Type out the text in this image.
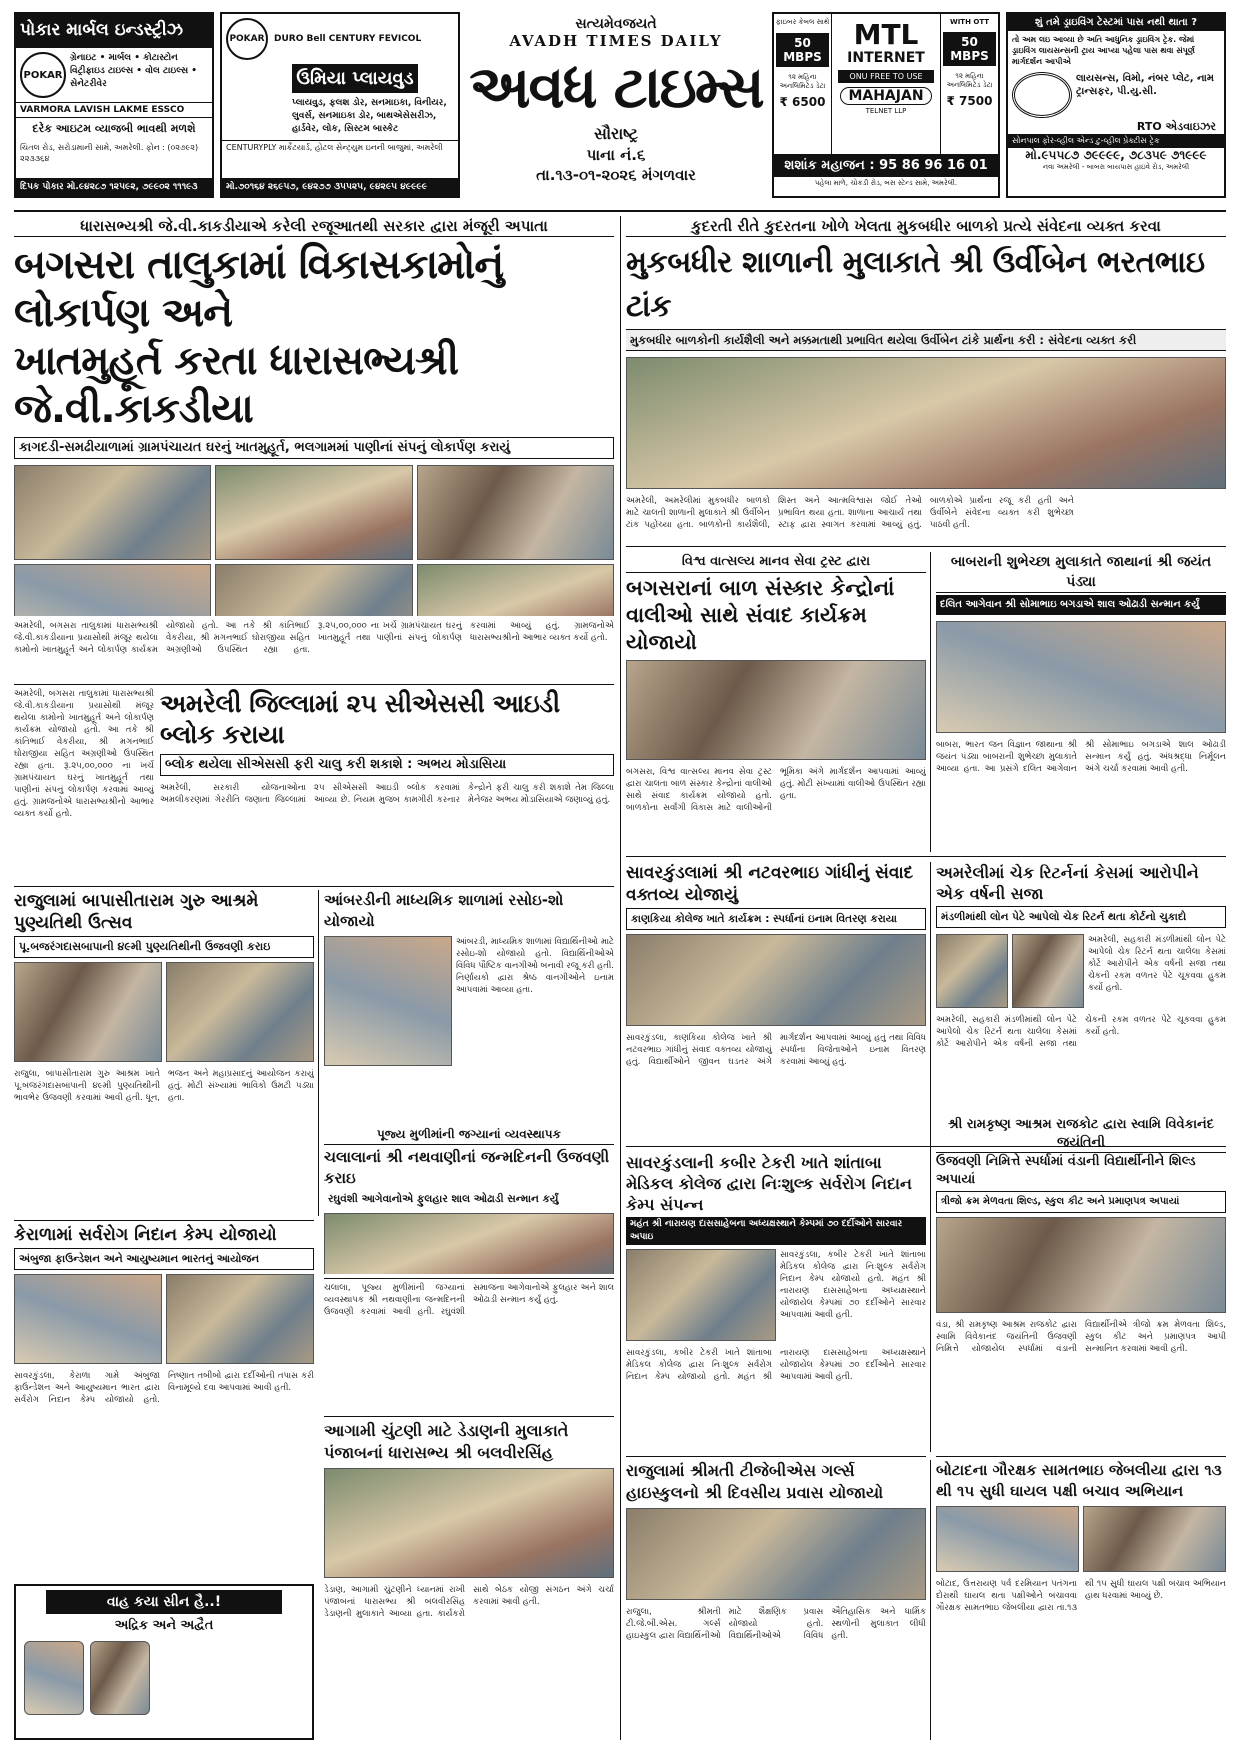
પોકાર માર્બલ ઇન્ડસ્ટ્રીઝ
POKAR
ગ્રેનાઇટ • માર્બલ • કોટાસ્ટોન
વિટ્રીફાઇડ ટાઇલ્સ • વોલ ટાઇલ્સ • સેનેટરીવેર
VARMORA LAVISH LAKME ESSCO
દરેક આઇટમ વ્યાજબી ભાવથી મળશે
ચિતલ રોડ, સરોડામાની સામે, અમરેલી. ફોન : (૦૨૭૯૨) ૨૨૩૩૬૪
દિપક પોકાર મો.૯૪૨૮૭ ૧૨૫૯૨, ૭૯૯૦૨ ૧૧૧૯૩
POKAR	DURO Bell CENTURY FEVICOL
ઉમિયા પ્લાયવુડ
પ્લાયવુડ, ફલશ ડોર, સનમાઇકા, વિનીયર, લુવર્સ, સનમાઇકા ડોર, બાથએસેસરીઝ, હાર્ડવેર, લોક, સિસ્ટમ બાસ્કેટ
CENTURYPLY માર્કેટયાર્ડ, હોટલ સેન્ટ્યુમ ઇનની બાજુમાં, અમરેલી
મો.૭૦૧૬૪ ૨૬૯૫૭, ૯૪૨૭૭ ૩૫૫૨૫, ૯૪૨૯૫ ૪૯૯૯૯
સત્યમેવજયતે
AVADH TIMES DAILY
અવધ ટાઇમ્સ
સૌરાષ્ટ્ર
પાના નં.૬
તા.૧૩-૦૧-૨૦૨૬ મંગળવાર
ફાઇબર કેબલ સાથે
50 MBPS
૧૨ મહિના અનલિમિટેડ ડેટા
₹ 6500
MTL
INTERNET
ONU FREE TO USE
MAHAJAN
TELNET LLP
WITH OTT
50 MBPS
૧૨ મહિના અનલિમિટેડ ડેટા
₹ 7500
શશાંક મહાજન : 95 86 96 16 01
પહેલા માળે, ચોકડી રોડ, બસ સ્ટેન્ડ સામે, અમરેલી.
શું તમે ડ્રાઇવિંગ ટેસ્ટમાં પાસ નથી થાતા ?
તો અમ લઇ આવ્યા છે અતિ આધુનિક ડ્રાઇવિંગ ટ્રેક. જેમાં ડ્રાઇવિંગ લાયસન્સની ટ્રાય આપ્યા પહેલા પાસ થવા સંપૂર્ણ માર્ગદર્શન આપીએ
લાયસન્સ, વિમો, નંબર પ્લેટ, નામ ટ્રાન્સફર, પી.યુ.સી.
RTO એડવાઇઝર
સોનપાલ ફોર-વ્હીલ એન્ડ ટુ-વ્હીલ પ્રેક્ટીસ ટ્રેક
મો.૯૫૫૮૭ ૭૯૯૯૯, ૭૮૩૫૯ ૭૧૯૯૯
નવા અમરેલી - બાબરા બાયપાસ હાઇવે રોડ, અમરેલી
ધારાસભ્યશ્રી જે.વી.કાકડીયાએ કરેલી રજૂઆતથી સરકાર દ્વારા મંજૂરી અપાતા
બગસરા તાલુકામાં વિકાસકામોનું લોકાર્પણ અને
ખાતમુહૂર્ત કરતા ધારાસભ્યશ્રી જે.વી.કાકડીયા
કાગદડી-સમઢીયાળામાં ગ્રામપંચાયત ઘરનું ખાતમુહૂર્ત, ભલગામમાં પાણીનાં સંપનું લોકાર્પણ કરાયું
અમરેલી, બગસરા તાલુકામાં ધારાસભ્યશ્રી જે.વી.કાકડીયાના પ્રયાસોથી મંજૂર થયેલા કામોનો ખાતમુહૂર્ત અને લોકાર્પણ કાર્યક્રમ યોજાયો હતો. આ તકે શ્રી કાંતિભાઈ વેકરીયા, શ્રી મગનભાઈ ઘોરાજીયા સહિત અગ્રણીઓ ઉપસ્થિત રહ્યા હતા. રૂ.૨૫,૦૦,૦૦૦ ના ખર્ચે ગ્રામપંચાયત ઘરનું ખાતમુહૂર્ત તથા પાણીનાં સંપનું લોકાર્પણ કરવામાં આવ્યું હતું. ગ્રામજનોએ ધારાસભ્યશ્રીનો આભાર વ્યક્ત કર્યો હતો.
કુદરતી રીતે કુદરતના ખોળે ખેલતા મુકબધીર બાળકો પ્રત્યે સંવેદના વ્યક્ત કરવા
મુકબધીર શાળાની મુલાકાતે શ્રી ઉર્વીબેન ભરતભાઇ ટાંક
મુકબધીર બાળકોની કાર્યશૈલી અને મક્કમતાથી પ્રભાવિત થયેલા ઉર્વીબેન ટાંકે પ્રાર્થના કરી : સંવેદના વ્યક્ત કરી
અમરેલી, અમરેલીમાં મુકબધીર બાળકો માટે ચાલતી શાળાની મુલાકાતે શ્રી ઉર્વીબેન ટાંક પહોંચ્યા હતા. બાળકોની કાર્યશૈલી, શિસ્ત અને આત્મવિશ્વાસ જોઈ તેઓ પ્રભાવિત થયા હતા. શાળાના આચાર્ય તથા સ્ટાફ દ્વારા સ્વાગત કરવામાં આવ્યું હતું. બાળકોએ પ્રાર્થના રજૂ કરી હતી અને ઉર્વીબેને સંવેદના વ્યક્ત કરી શુભેચ્છા પાઠવી હતી.
વિશ્વ વાત્સલ્ય માનવ સેવા ટ્રસ્ટ દ્વારા
બગસરાનાં બાળ સંસ્કાર કેન્દ્રોનાં વાલીઓ સાથે સંવાદ કાર્યક્રમ યોજાયો
બગસરા, વિશ્વ વાત્સલ્ય માનવ સેવા ટ્રસ્ટ દ્વારા ચાલતા બાળ સંસ્કાર કેન્દ્રોનાં વાલીઓ સાથે સંવાદ કાર્યક્રમ યોજાયો હતો. બાળકોના સર્વાંગી વિકાસ માટે વાલીઓની ભૂમિકા અંગે માર્ગદર્શન આપવામાં આવ્યું હતું. મોટી સંખ્યામાં વાલીઓ ઉપસ્થિત રહ્યા હતા.
બાબરાની શુભેચ્છા મુલાકાતે જાથાનાં શ્રી જયંત પંડ્યા
દલિત આગેવાન શ્રી સોમાભાઇ બગડાએ શાલ ઓઢાડી સન્માન કર્યું
બાબરા, ભારત જન વિજ્ઞાન જાથાના શ્રી જયંત પંડ્યા બાબરાની શુભેચ્છા મુલાકાતે આવ્યા હતા. આ પ્રસંગે દલિત આગેવાન શ્રી સોમાભાઇ બગડાએ શાલ ઓઢાડી સન્માન કર્યું હતું. અંધશ્રદ્ધા નિર્મૂલન અંગે ચર્ચા કરવામાં આવી હતી.
અમરેલી જિલ્લામાં ૨૫ સીએસસી આઇડી બ્લોક કરાયા
બ્લોક થયેલા સીએસસી ફરી ચાલુ કરી શકાશે : અભય મોડાસિયા
અમરેલી, સરકારી યોજનાઓના અમલીકરણમાં ગેરરીતિ જણાતા જિલ્લામાં ૨૫ સીએસસી આઇડી બ્લોક કરવામાં આવ્યા છે. નિયમ મુજબ કામગીરી કરનાર કેન્દ્રોને ફરી ચાલુ કરી શકાશે તેમ જિલ્લા મેનેજર અભય મોડાસિયાએ જણાવ્યું હતું.
અમરેલી, બગસરા તાલુકામાં ધારાસભ્યશ્રી જે.વી.કાકડીયાના પ્રયાસોથી મંજૂર થયેલા કામોનો ખાતમુહૂર્ત અને લોકાર્પણ કાર્યક્રમ યોજાયો હતો. આ તકે શ્રી કાંતિભાઈ વેકરીયા, શ્રી મગનભાઈ ઘોરાજીયા સહિત અગ્રણીઓ ઉપસ્થિત રહ્યા હતા. રૂ.૨૫,૦૦,૦૦૦ ના ખર્ચે ગ્રામપંચાયત ઘરનું ખાતમુહૂર્ત તથા પાણીનાં સંપનું લોકાર્પણ કરવામાં આવ્યું હતું. ગ્રામજનોએ ધારાસભ્યશ્રીનો આભાર વ્યક્ત કર્યો હતો.
સાવરકુંડલામાં શ્રી નટવરભાઇ ગાંધીનું સંવાદ વક્તવ્ય યોજાયું
કાણકિયા કોલેજ ખાતે કાર્યક્રમ : સ્પર્ધાનાં ઇનામ વિતરણ કરાયા
સાવરકુંડલા, કાણકિયા કોલેજ ખાતે શ્રી નટવરભાઇ ગાંધીનું સંવાદ વક્તવ્ય યોજાયું હતું. વિદ્યાર્થીઓને જીવન ઘડતર અંગે માર્ગદર્શન આપવામાં આવ્યું હતું તથા વિવિધ સ્પર્ધાના વિજેતાઓને ઇનામ વિતરણ કરવામાં આવ્યું હતું.
અમરેલીમાં ચેક રિટર્નનાં કેસમાં આરોપીને એક વર્ષની સજા
મંડળીમાંથી લોન પેટે આપેલો ચેક રિટર્ન થતા કોર્ટનો ચુકાદો
અમરેલી, સહકારી મંડળીમાંથી લોન પેટે આપેલો ચેક રિટર્ન થતા ચાલેલા કેસમાં કોર્ટે આરોપીને એક વર્ષની સજા તથા ચેકની રકમ વળતર પેટે ચૂકવવા હુકમ કર્યો હતો.
અમરેલી, સહકારી મંડળીમાંથી લોન પેટે આપેલો ચેક રિટર્ન થતા ચાલેલા કેસમાં કોર્ટે આરોપીને એક વર્ષની સજા તથા ચેકની રકમ વળતર પેટે ચૂકવવા હુકમ કર્યો હતો.
રાજુલામાં બાપાસીતારામ ગુરુ આશ્રમે પુણ્યતિથી ઉત્સવ
પૂ.બજરંગદાસબાપાની ૪૯મી પુણ્યતિથીની ઉજવણી કરાઇ
રાજુલા, બાપાસીતારામ ગુરુ આશ્રમ ખાતે પૂ.બજરંગદાસબાપાની ૪૯મી પુણ્યતિથીની ભાવભેર ઉજવણી કરવામાં આવી હતી. ધૂન, ભજન અને મહાપ્રસાદનું આયોજન કરાયું હતું. મોટી સંખ્યામાં ભાવિકો ઉમટી પડ્યા હતા.
આંબરડીની માધ્યમિક શાળામાં રસોઇ-શો યોજાયો
આંબરડી, માધ્યમિક શાળામાં વિદ્યાર્થિનીઓ માટે રસોઇ-શો યોજાયો હતો. વિદ્યાર્થિનીઓએ વિવિધ પૌષ્ટિક વાનગીઓ બનાવી રજૂ કરી હતી. નિર્ણાયકો દ્વારા શ્રેષ્ઠ વાનગીઓને ઇનામ આપવામાં આવ્યા હતા.
પૂજ્ય મુળીમાંની જગ્યાનાં વ્યવસ્થાપક
ચલાલાનાં શ્રી નથવાણીનાં જન્મદિનની ઉજવણી કરાઇ
રઘુવંશી આગેવાનોએ ફુલહાર શાલ ઓઢાડી સન્માન કર્યું
સાવરકુંડલાની કબીર ટેકરી ખાતે શાંતાબા મેડિકલ કોલેજ દ્વારા નિઃશુલ્ક સર્વરોગ નિદાન કેમ્પ સંપન્ન
મહંત શ્રી નારાયણ દાસસાહેબના અધ્યક્ષસ્થાને કેમ્પમાં ૭૦ દર્દીઓને સારવાર અપાઇ
સાવરકુંડલા, કબીર ટેકરી ખાતે શાંતાબા મેડિકલ કોલેજ દ્વારા નિઃશુલ્ક સર્વરોગ નિદાન કેમ્પ યોજાયો હતો. મહંત શ્રી નારાયણ દાસસાહેબના અધ્યક્ષસ્થાને યોજાયેલ કેમ્પમાં ૭૦ દર્દીઓને સારવાર આપવામાં આવી હતી.
સાવરકુંડલા, કબીર ટેકરી ખાતે શાંતાબા મેડિકલ કોલેજ દ્વારા નિઃશુલ્ક સર્વરોગ નિદાન કેમ્પ યોજાયો હતો. મહંત શ્રી નારાયણ દાસસાહેબના અધ્યક્ષસ્થાને યોજાયેલ કેમ્પમાં ૭૦ દર્દીઓને સારવાર આપવામાં આવી હતી.
શ્રી રામકૃષ્ણ આશ્રમ રાજકોટ દ્વારા સ્વામિ વિવેકાનંદ જયંતિની
ઉજવણી નિમિત્તે સ્પર્ધામાં વંડાની વિદ્યાર્થીનીને શિલ્ડ અપાયાં
ત્રીજો ક્રમ મેળવતા શિલ્ડ, સ્કુલ કીટ અને પ્રમાણપત્ર અપાયાં
વંડા, શ્રી રામકૃષ્ણ આશ્રમ રાજકોટ દ્વારા સ્વામિ વિવેકાનંદ જયંતિની ઉજવણી નિમિત્તે યોજાયેલ સ્પર્ધામાં વંડાની વિદ્યાર્થીનીએ ત્રીજો ક્રમ મેળવતા શિલ્ડ, સ્કુલ કીટ અને પ્રમાણપત્ર આપી સન્માનિત કરવામાં આવી હતી.
કેરાળામાં સર્વરોગ નિદાન કેમ્પ યોજાયો
અંબુજા ફાઉન્ડેશન અને આયુષ્યમાન ભારતનું આયોજન
સાવરકુંડલા, કેરાળા ગામે અંબુજા ફાઉન્ડેશન અને આયુષ્યમાન ભારત દ્વારા સર્વરોગ નિદાન કેમ્પ યોજાયો હતો. નિષ્ણાત તબીબો દ્વારા દર્દીઓની તપાસ કરી વિનામૂલ્યે દવા આપવામાં આવી હતી.
ચલાલા, પૂજ્ય મુળીમાંની જગ્યાનાં વ્યવસ્થાપક શ્રી નથવાણીના જન્મદિનની ઉજવણી કરવામાં આવી હતી. રઘુવંશી સમાજના આગેવાનોએ ફુલહાર અને શાલ ઓઢાડી સન્માન કર્યું હતું.
આગામી ચુંટણી માટે ડેડાણની મુલાકાતે પંજાબનાં ધારાસભ્ય શ્રી બલવીરસિંહ
ડેડાણ, આગામી ચુંટણીને ધ્યાનમાં રાખી પંજાબનાં ધારાસભ્ય શ્રી બલવીરસિંહ ડેડાણની મુલાકાતે આવ્યા હતા. કાર્યકરો સાથે બેઠક યોજી સંગઠન અંગે ચર્ચા કરવામાં આવી હતી.
રાજુલામાં શ્રીમતી ટીજેબીએસ ગર્લ્સ હાઇસ્કુલનો શ્રી દિવસીય પ્રવાસ યોજાયો
રાજુલા, શ્રીમતી ટી.જે.બી.એસ. ગર્લ્સ હાઇસ્કુલ દ્વારા વિદ્યાર્થિનીઓ માટે શૈક્ષણિક પ્રવાસ યોજાયો હતો. વિદ્યાર્થિનીઓએ વિવિધ ઐતિહાસિક અને ધાર્મિક સ્થળોની મુલાકાત લીધી હતી.
બોટાદના ગૌરક્ષક સામતભાઇ જેબલીયા દ્વારા ૧૩ થી ૧૫ સુધી ઘાયલ પક્ષી બચાવ અભિયાન
બોટાદ, ઉત્તરાયણ પર્વ દરમિયાન પતંગના દોરાથી ઘાયલ થતા પક્ષીઓને બચાવવા ગૌરક્ષક સામતભાઇ જેબલીયા દ્વારા તા.૧૩ થી ૧૫ સુધી ઘાયલ પક્ષી બચાવ અભિયાન હાથ ધરવામાં આવ્યું છે.
વાહ કયા સીન હૈ..!
અદ્રિક અને અદ્વૈત
